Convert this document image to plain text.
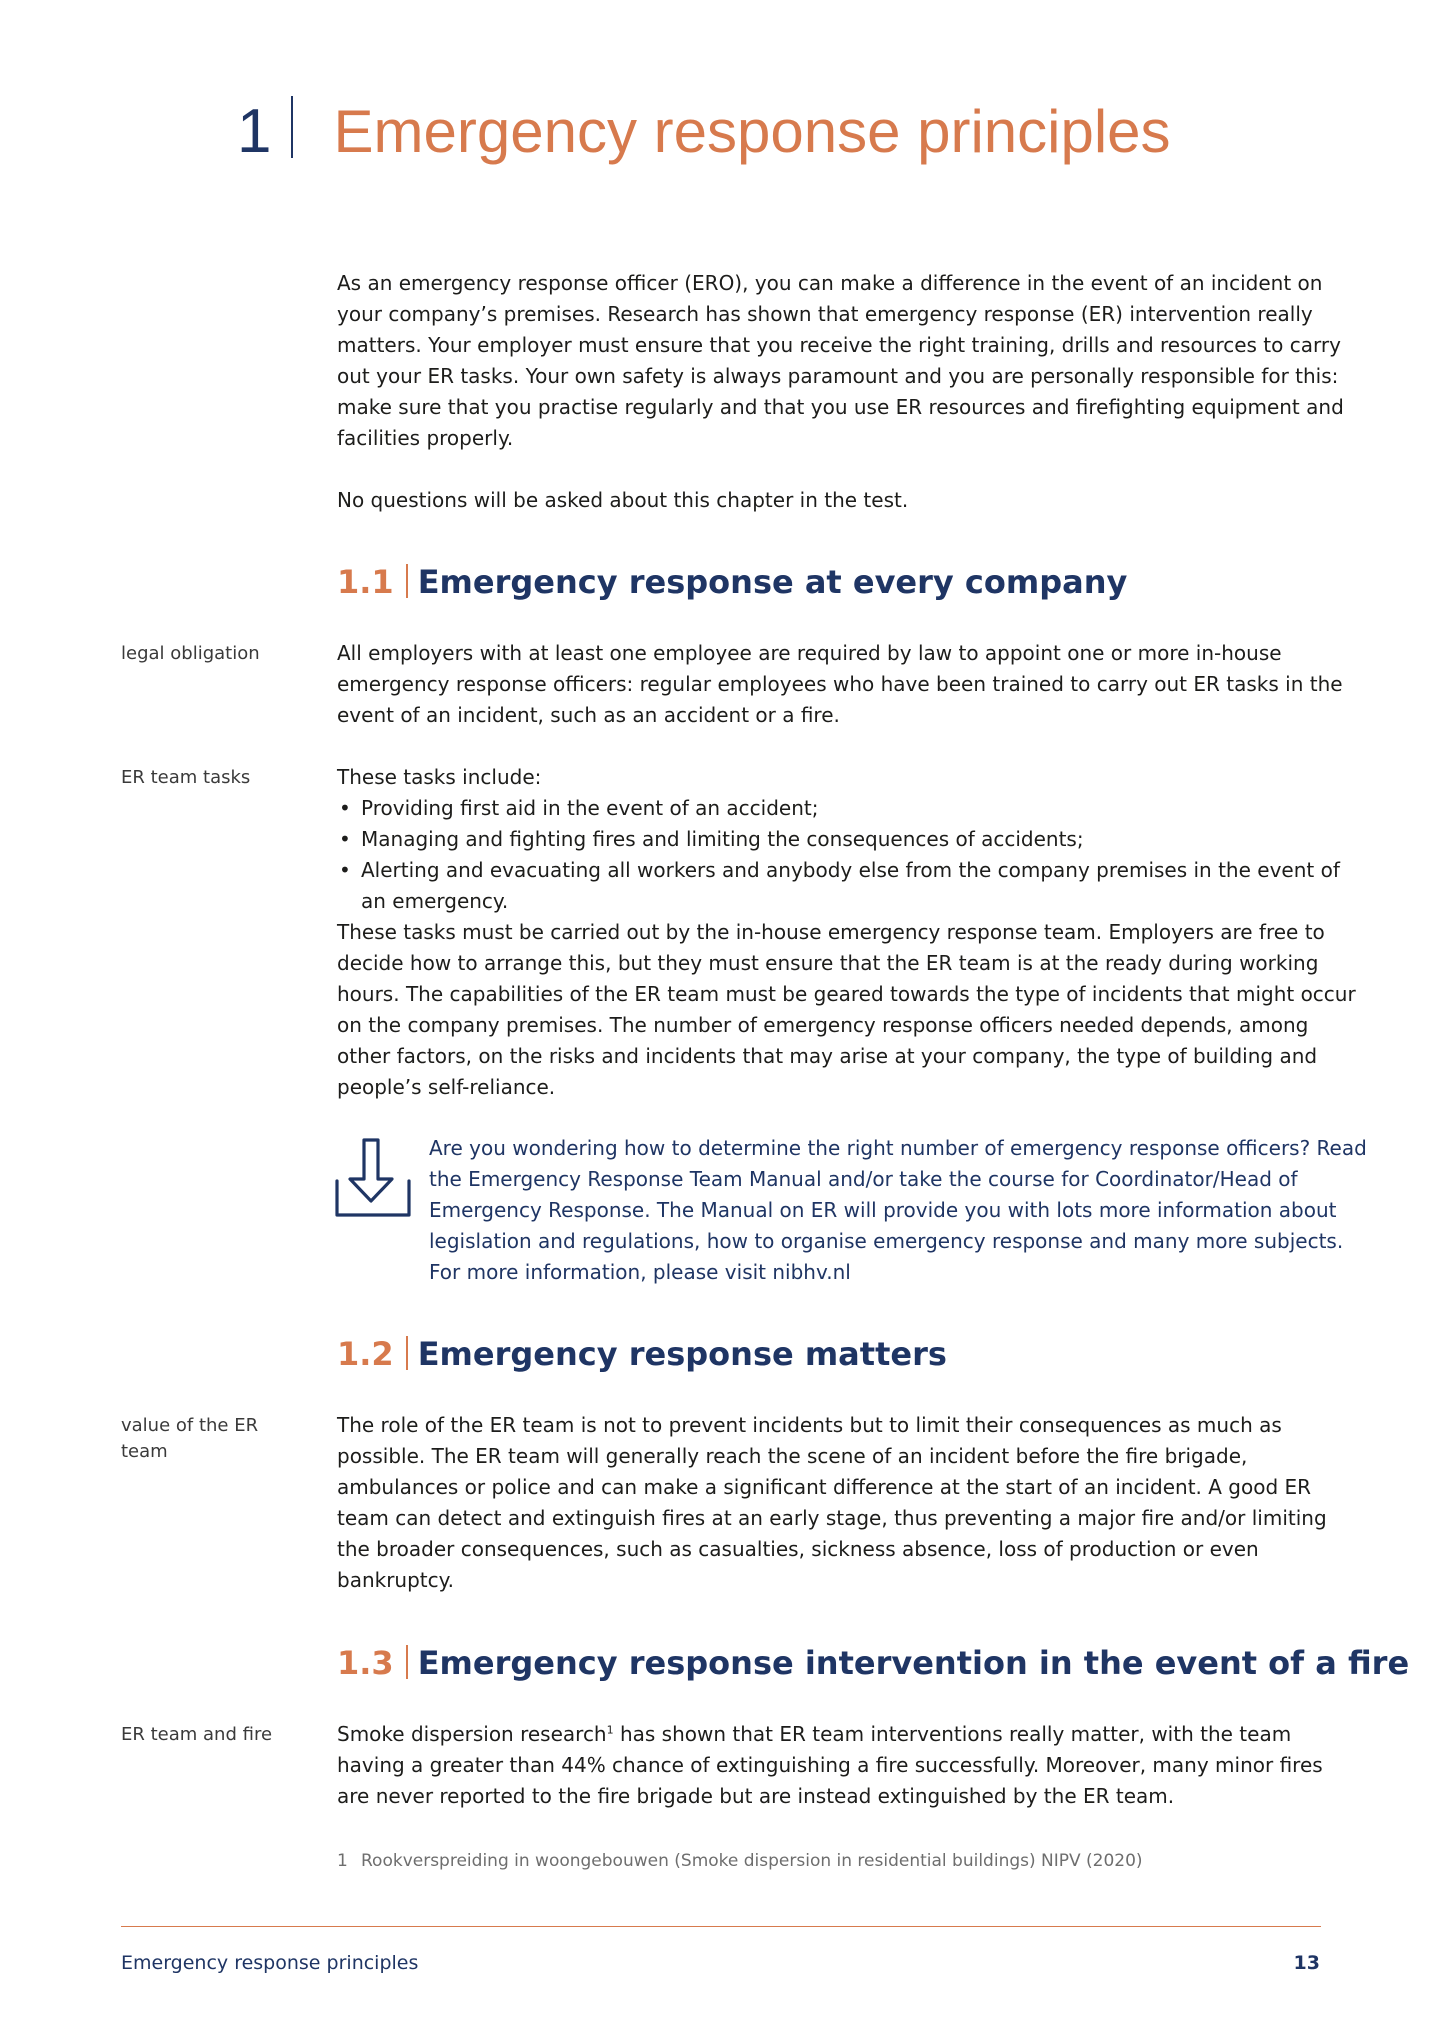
1 Emergency response principles

As an emergency response officer (ERO), you can make a difference in the event of an incident on your company’s premises. Research has shown that emergency response (ER) intervention really matters. Your employer must ensure that you receive the right training, drills and resources to carry out your ER tasks. Your own safety is always paramount and you are personally responsible for this: make sure that you practise regularly and that you use ER resources and firefighting equipment and facilities properly.

No questions will be asked about this chapter in the test.

1.1 Emergency response at every company
legal obligation	All employers with at least one employee are required by law to appoint one or more in-house emergency response officers: regular employees who have been trained to carry out ER tasks in the event of an incident, such as an accident or a fire.

ER team tasks	These tasks include:

• Providing first aid in the event of an accident;
• Managing and fighting fires and limiting the consequences of accidents;
• Alerting and evacuating all workers and anybody else from the company premises in the event of an emergency.

These tasks must be carried out by the in-house emergency response team. Employers are free to decide how to arrange this, but they must ensure that the ER team is at the ready during working hours. The capabilities of the ER team must be geared towards the type of incidents that might occur on the company premises. The number of emergency response officers needed depends, among other factors, on the risks and incidents that may arise at your company, the type of building and people’s self-reliance.

Are you wondering how to determine the right number of emergency response officers? Read the Emergency Response Team Manual and/or take the course for Coordinator/Head of Emergency Response. The Manual on ER will provide you with lots more information about legislation and regulations, how to organise emergency response and many more subjects. For more information, please visit nibhv.nl
1.2 Emergency response matters
value of the ER team

The role of the ER team is not to prevent incidents but to limit their consequences as much as possible. The ER team will generally reach the scene of an incident before the fire brigade, ambulances or police and can make a significant difference at the start of an incident. A good ER team can detect and extinguish fires at an early stage, thus preventing a major fire and/or limiting the broader consequences, such as casualties, sickness absence, loss of production or even bankruptcy.

1.3 Emergency response intervention in the event of a fire
ER team and fire	Smoke dispersion research$^1$ has shown that ER team interventions really matter, with the team having a greater than 44% chance of extinguishing a fire successfully. Moreover, many minor fires are never reported to the fire brigade but are instead extinguished by the ER team.

1 Rookverspreiding in woongebouwen (Smoke dispersion in residential buildings) NIPV (2020)
Emergency response principles	13
